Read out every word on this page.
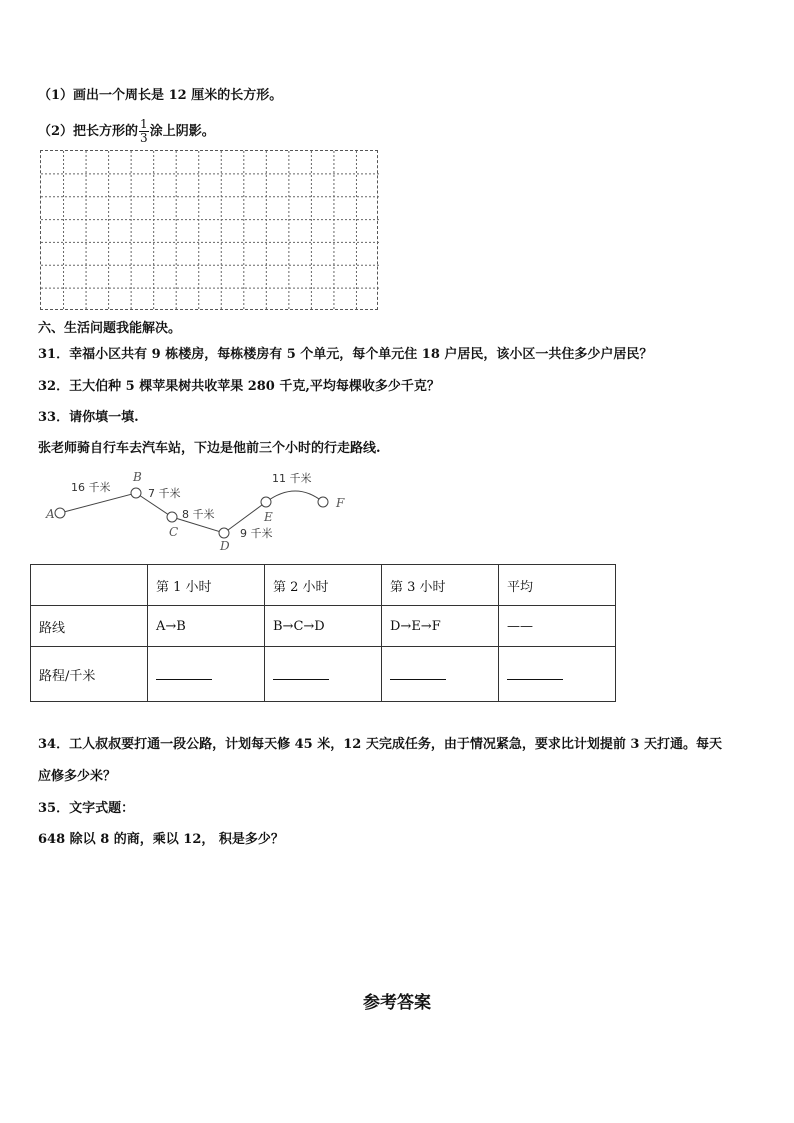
（1）画出一个周长是 12 厘米的长方形。
（2）把长方形的 $\frac{1}{3}$ 涂上阴影。
六、生活问题我能解决。
31．幸福小区共有 9 栋楼房，每栋楼房有 5 个单元，每个单元住 18 户居民，该小区一共住多少户居民？
32．王大伯种 5 棵苹果树共收苹果 280 千克,平均每棵收多少千克？
33．请你填一填.
张老师骑自行车去汽车站，下边是他前三个小时的行走路线.
A
B
C
D
E
F
16 千米	7 千米
8 千米
9 千米
11 千米
	第 1 小时	第 2 小时	第 3 小时	平均
路线	A→B	B→C→D	D→E→F	——
路程/千米				
34．工人叔叔要打通一段公路，计划每天修 45 米，12 天完成任务，由于情况紧急，要求比计划提前 3 天打通。每天
应修多少米？
35．文字式题：
648 除以 8 的商，乘以 12， 积是多少？
参考答案
